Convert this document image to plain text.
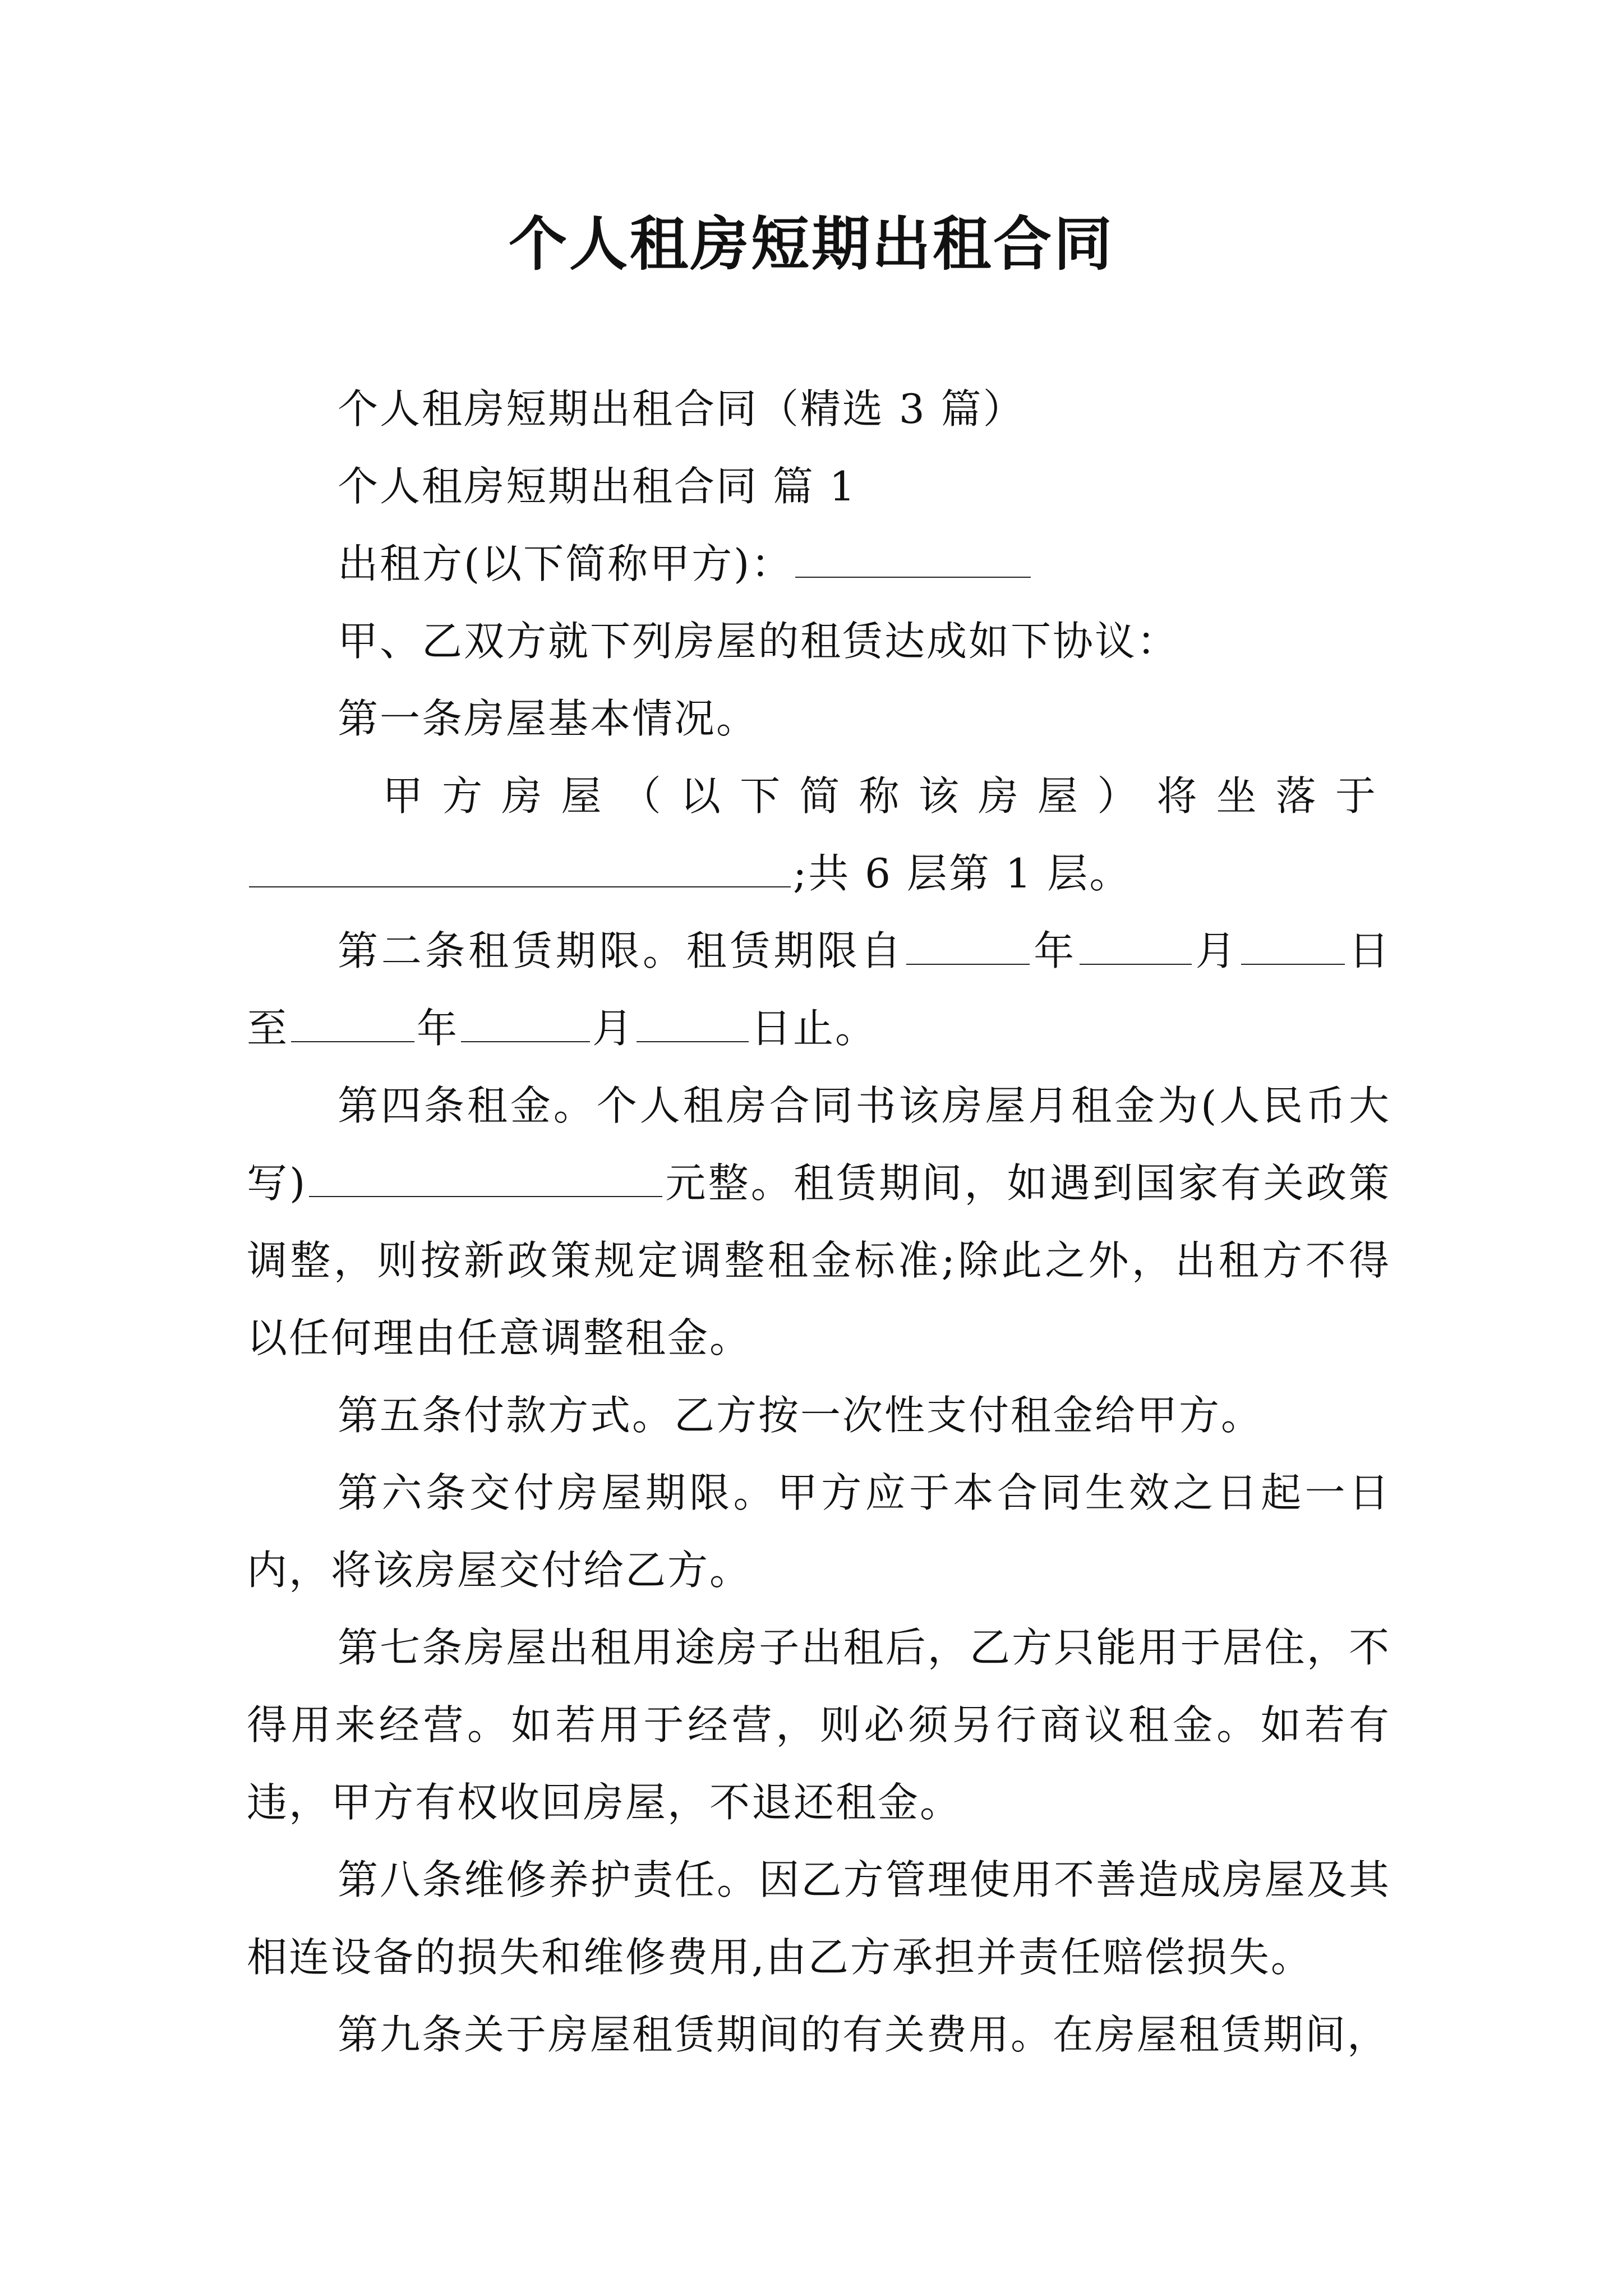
个人租房短期出租合同

个人租房短期出租合同（精选 3 篇）

个人租房短期出租合同 篇 1

出租方(以下简称甲方)：

甲、乙双方就下列房屋的租赁达成如下协议：

第一条房屋基本情况。

甲方房屋（以下简称该房屋）将坐落于

;共 6 层第 1 层。

第二条租赁期限。租赁期限自	年	月	日至	年	月	日止。

第四条租金。个人租房合同书该房屋月租金为(人民币大写)	元整。租赁期间，如遇到国家有关政策调整，则按新政策规定调整租金标准;除此之外，出租方不得以任何理由任意调整租金。

第五条付款方式。乙方按一次性支付租金给甲方。

第六条交付房屋期限。甲方应于本合同生效之日起一日内，将该房屋交付给乙方。

第七条房屋出租用途房子出租后，乙方只能用于居住，不得用来经营。如若用于经营，则必须另行商议租金。如若有违，甲方有权收回房屋，不退还租金。

第八条维修养护责任。因乙方管理使用不善造成房屋及其相连设备的损失和维修费用,由乙方承担并责任赔偿损失。

第九条关于房屋租赁期间的有关费用。在房屋租赁期间，
